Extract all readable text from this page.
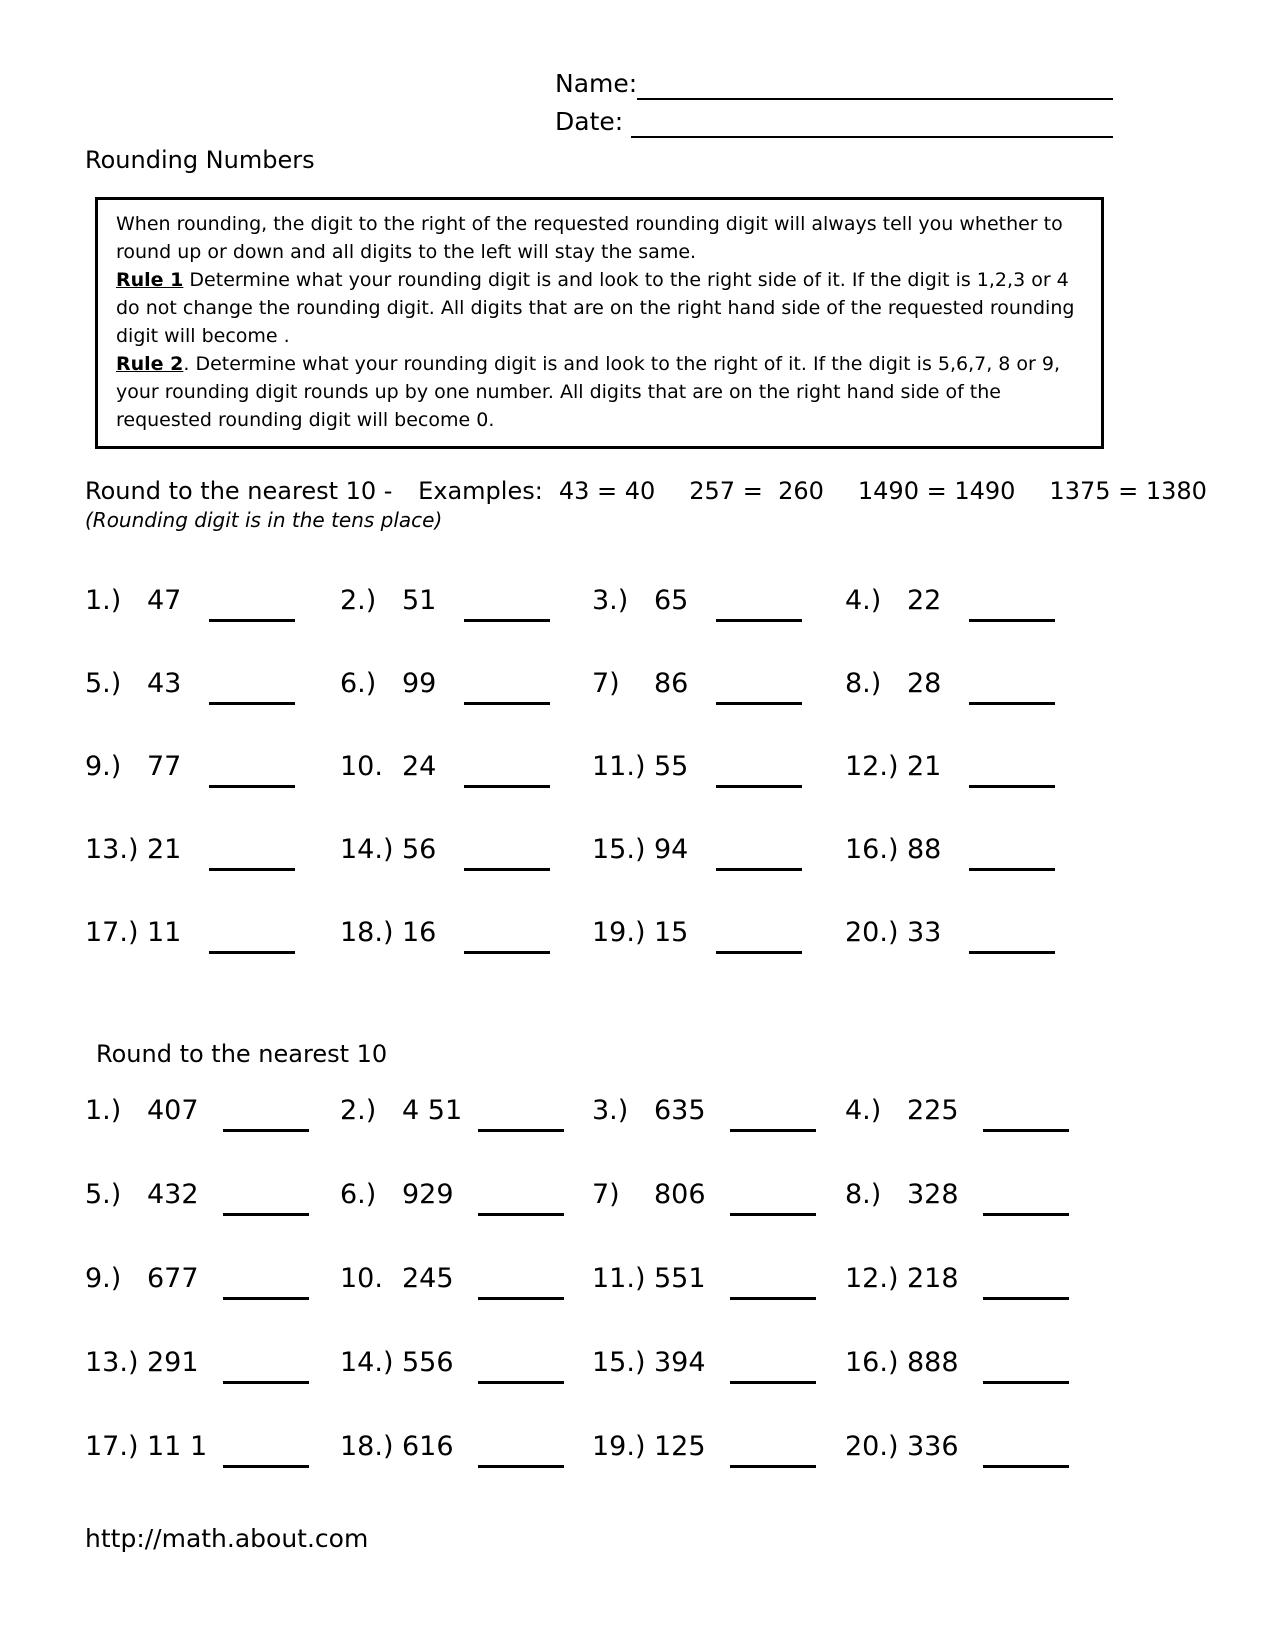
Name:
Date:
Rounding Numbers

When rounding, the digit to the right of the requested rounding digit will always tell you whether to round up or down and all digits to the left will stay the same.

Rule 1 Determine what your rounding digit is and look to the right side of it. If the digit is 1,2,3 or 4 do not change the rounding digit. All digits that are on the right hand side of the requested rounding digit will become .

Rule 2. Determine what your rounding digit is and look to the right of it. If the digit is 5,6,7, 8 or 9, your rounding digit rounds up by one number. All digits that are on the right hand side of the requested rounding digit will become 0.

Round to the nearest 10 - Examples: 43 = 40 257 =  260 1490 = 1490 1375 = 1380
(Rounding digit is in the tens place)
1.) 47	2.) 51	3.) 65	4.) 22
5.) 43	6.) 99	7)	86	8.) 28
9.) 77	10. 24	11.) 55	12.) 21
13.) 21	14.) 56	15.) 94	16.) 88
17.) 11	18.) 16	19.) 15	20.) 33
Round to the nearest 10
1.) 407	2.) 4 51	3.) 635	4.) 225
5.) 432	6.) 929	7)	806	8.) 328
9.) 677	10. 245	11.) 551	12.) 218
13.) 291	14.) 556	15.) 394	16.) 888
17.) 11 1	18.) 616	19.) 125	20.) 336
http://math.about.com
